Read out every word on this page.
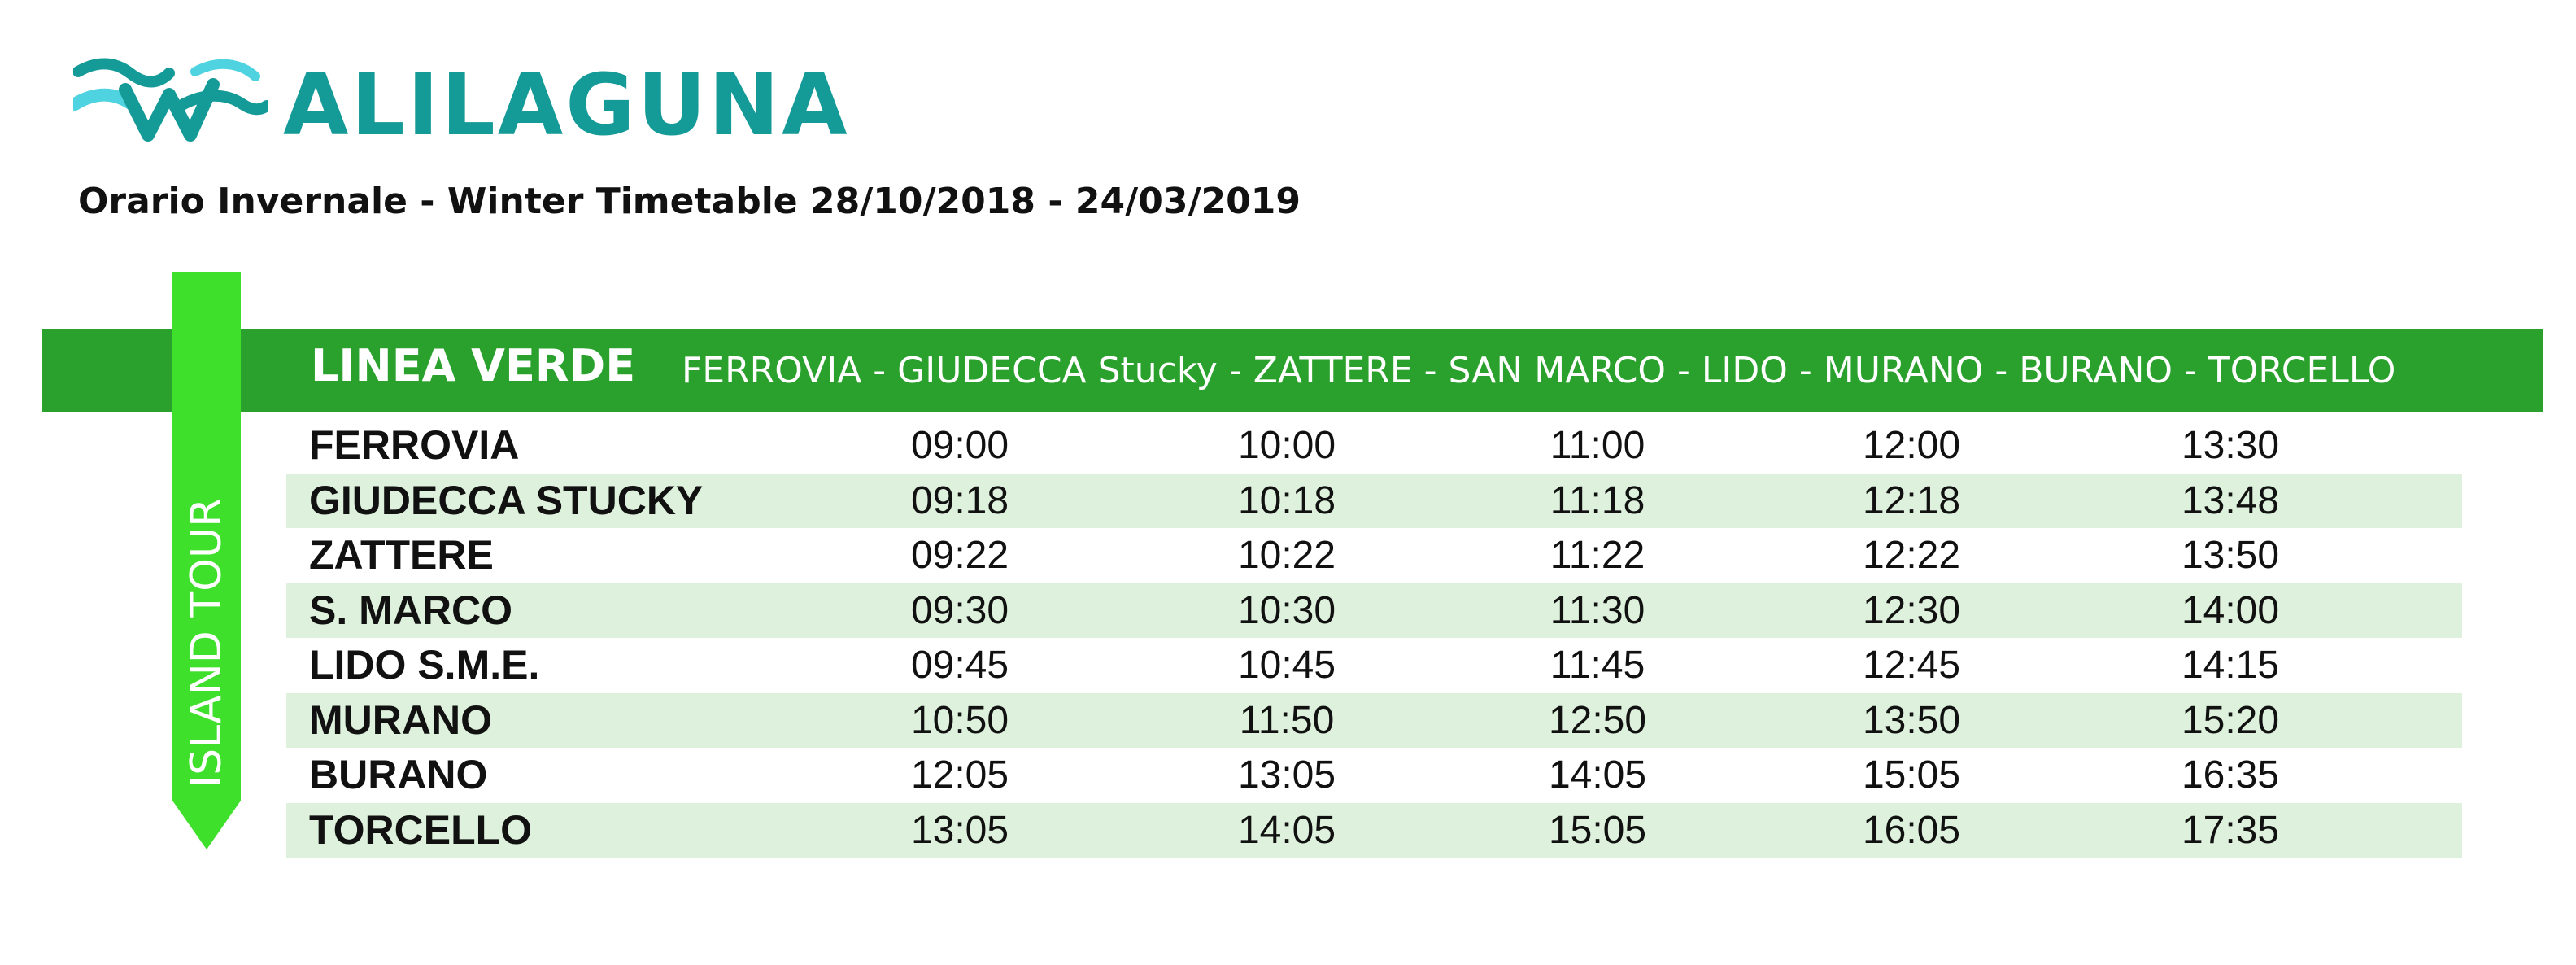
ALILAGUNA
Orario Invernale - Winter Timetable 28/10/2018 - 24/03/2019
LINEA VERDE FERROVIA - GIUDECCA Stucky - ZATTERE - SAN MARCO - LIDO - MURANO - BURANO - TORCELLO
ISLAND TOUR
FERROVIA	09:00	10:00	11:00	12:00	13:30
GIUDECCA STUCKY	09:18	10:18	11:18	12:18	13:48
ZATTERE	09:22	10:22	11:22	12:22	13:50
S. MARCO	09:30	10:30	11:30	12:30	14:00
LIDO S.M.E.	09:45	10:45	11:45	12:45	14:15
MURANO	10:50	11:50	12:50	13:50	15:20
BURANO	12:05	13:05	14:05	15:05	16:35
TORCELLO	13:05	14:05	15:05	16:05	17:35
